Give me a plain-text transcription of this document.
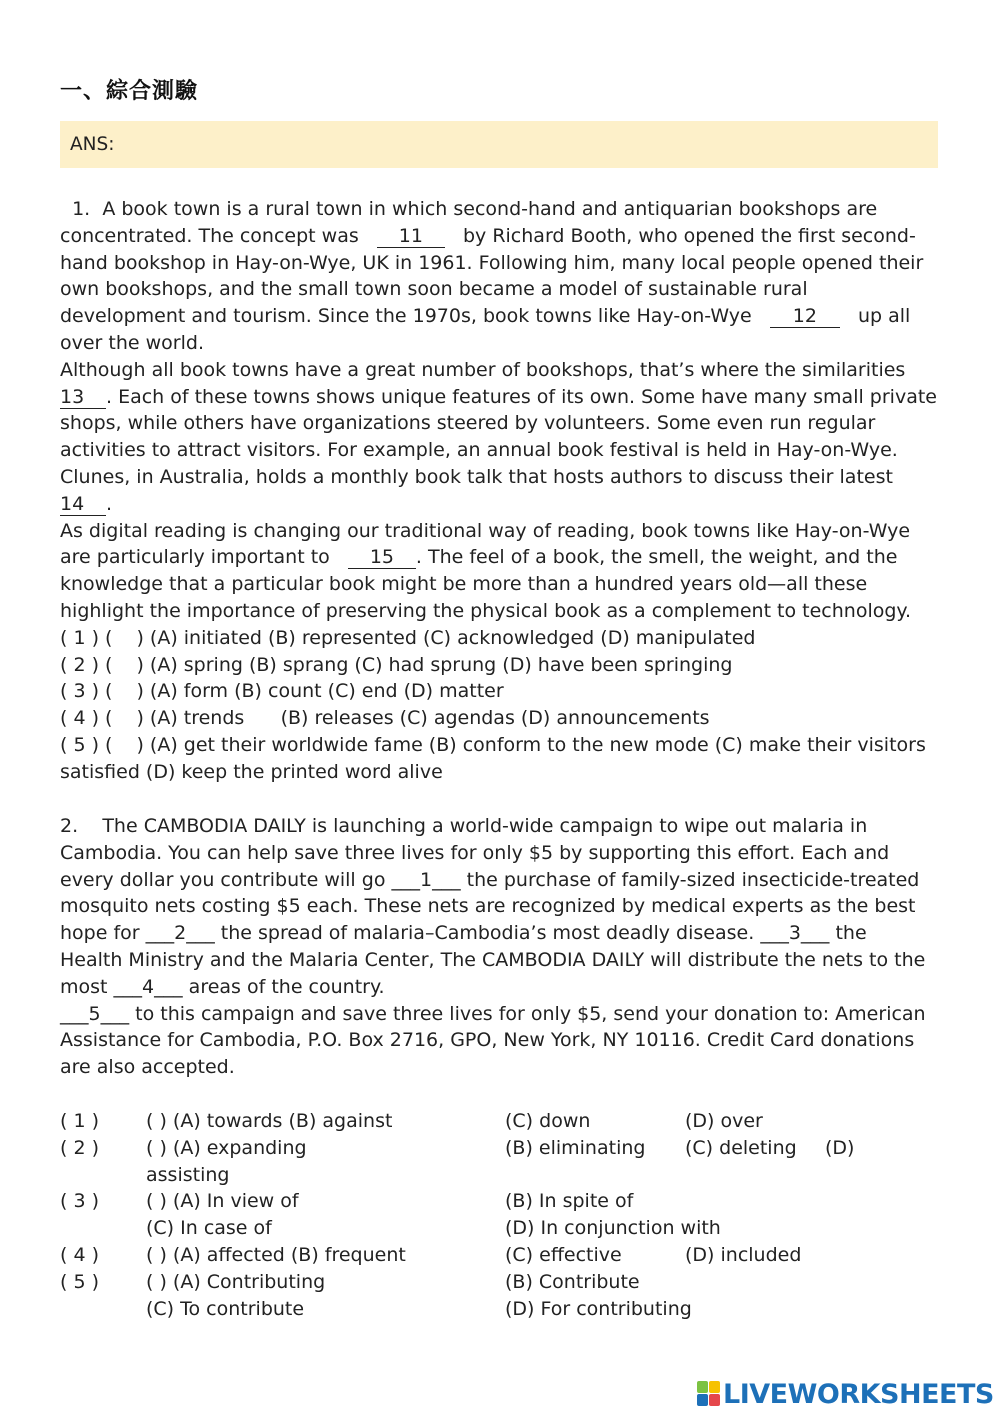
一、綜合測驗
ANS:

1. A book town is a rural town in which second-hand and antiquarian bookshops are

concentrated. The concept was 11 by Richard Booth, who opened the first second-

hand bookshop in Hay-on-Wye, UK in 1961. Following him, many local people opened their

own bookshops, and the small town soon became a model of sustainable rural

development and tourism. Since the 1970s, book towns like Hay-on-Wye 12 up all

over the world.

Although all book towns have a great number of bookshops, that’s where the similarities

13 . Each of these towns shows unique features of its own. Some have many small private

shops, while others have organizations steered by volunteers. Some even run regular

activities to attract visitors. For example, an annual book festival is held in Hay-on-Wye.

Clunes, in Australia, holds a monthly book talk that hosts authors to discuss their latest

14 .

As digital reading is changing our traditional way of reading, book towns like Hay-on-Wye

are particularly important to 15 . The feel of a book, the smell, the weight, and the

knowledge that a particular book might be more than a hundred years old—all these

highlight the importance of preserving the physical book as a complement to technology.

( 1 ) ( ) (A) initiated (B) represented (C) acknowledged (D) manipulated

( 2 ) ( ) (A) spring (B) sprang (C) had sprung (D) have been springing

( 3 ) ( ) (A) form (B) count (C) end (D) matter

( 4 ) ( ) (A) trends (B) releases (C) agendas (D) announcements

( 5 ) ( ) (A) get their worldwide fame (B) conform to the new mode (C) make their visitors

satisfied (D) keep the printed word alive

2. The CAMBODIA DAILY is launching a world-wide campaign to wipe out malaria in

Cambodia. You can help save three lives for only $5 by supporting this effort. Each and

every dollar you contribute will go ___1___ the purchase of family-sized insecticide-treated

mosquito nets costing $5 each. These nets are recognized by medical experts as the best

hope for ___2___ the spread of malaria–Cambodia’s most deadly disease. ___3___ the

Health Ministry and the Malaria Center, The CAMBODIA DAILY will distribute the nets to the

most ___4___ areas of the country.

___5___ to this campaign and save three lives for only $5, send your donation to: American

Assistance for Cambodia, P.O. Box 2716, GPO, New York, NY 10116. Credit Card donations

are also accepted.

( 1 ) ( ) (A) towards (B) against	(C) down	(D) over
( 2 ) ( ) (A) expanding	(B) eliminating (C) deleting (D)
assisting
( 3 ) ( ) (A) In view of	(B) In spite of
(C) In case of	(D) In conjunction with
( 4 ) ( ) (A) affected (B) frequent	(C) effective	(D) included
( 5 ) ( ) (A) Contributing	(B) Contribute
(C) To contribute	(D) For contributing
LIVEWORKSHEETS
